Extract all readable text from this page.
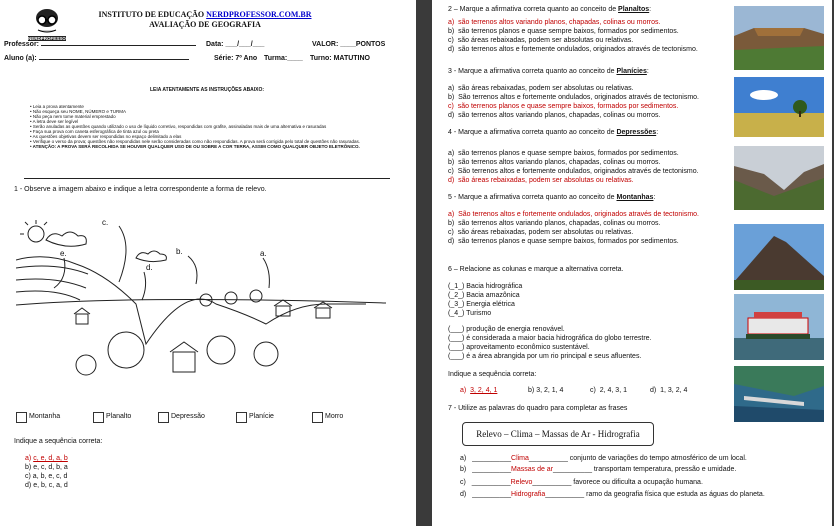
NERDPROFESSOR
INSTITUTO DE EDUCAÇÃO NERDPROFESSOR.COM.BR
AVALIAÇÃO DE GEOGRAFIA
Professor:	Data: ___/___/___	VALOR: ____PONTOS
Aluno (a):	Série: 7º Ano Turma:____ Turno: MATUTINO
LEIA ATENTAMENTE AS INSTRUÇÕES ABAIXO:
• Leia a prova atentamente
• Não esqueça seu NOME, NÚMERO e TURMA
• Não peça nem tome material emprestado
• A letra deve ser legível
• Serão anuladas as questões quando utilizado o uso de líquido corretivo, respondidas com grafite, assinaladas mais de uma alternativa e rasuradas
• Faça sua prova com caneta esferográfica de tinta azul ou preta
• As questões objetivas devem ser respondidas no espaço delimitado a elas
• Verifique o verso da prova; questões não respondidas nele serão consideradas como não respondidas. A prova será corrigida pelo total de questões não rasuradas.
• ATENÇÃO: A PROVA SERÁ RECOLHIDA SE HOUVER QUALQUER USO DE OU SOBRE A COR TERRA, ASSIM COMO QUALQUER OBJETO ELETRÔNICO.
1 - Observe a imagem abaixo e indique a letra correspondente a forma de relevo.
e.
c.
d.
b.	a.
Montanha	Planalto	Depressão	Planície	Morro
Indique a sequência correta:
a) c, e, d, a, b
b) e, c, d, b, a
c) a, b, e, c, d
d) e, b, c, a, d
2 – Marque a afirmativa correta quanto ao conceito de Planaltos:
a) são terrenos altos variando planos, chapadas, colinas ou morros.
b) são terrenos planos e quase sempre baixos, formados por sedimentos.
c) são áreas rebaixadas, podem ser absolutas ou relativas.
d) são terrenos altos e fortemente ondulados, originados através de tectonismo.
3 - Marque a afirmativa correta quanto ao conceito de Planícies:
a) são áreas rebaixadas, podem ser absolutas ou relativas.
b) São terrenos altos e fortemente ondulados, originados através de tectonismo.
c) são terrenos planos e quase sempre baixos, formados por sedimentos.
d) são terrenos altos variando planos, chapadas, colinas ou morros.
4 - Marque a afirmativa correta quanto ao conceito de Depressões:
a) são terrenos planos e quase sempre baixos, formados por sedimentos.
b) são terrenos altos variando planos, chapadas, colinas ou morros.
c) São terrenos altos e fortemente ondulados, originados através de tectonismo.
d) são áreas rebaixadas, podem ser absolutas ou relativas.
5 - Marque a afirmativa correta quanto ao conceito de Montanhas:
a) São terrenos altos e fortemente ondulados, originados através de tectonismo.
b) são terrenos altos variando planos, chapadas, colinas ou morros.
c) são áreas rebaixadas, podem ser absolutas ou relativas.
d) são terrenos planos e quase sempre baixos, formados por sedimentos.
6 – Relacione as colunas e marque a alternativa correta.
(_1_) Bacia hidrográfica
(_2_) Bacia amazônica
(_3_) Energia elétrica
(_4_) Turismo
(___) produção de energia renovável.
(___) é considerada a maior bacia hidrográfica do globo terrestre.
(___) aproveitamento econômico sustentável.
(___) é a área abrangida por um rio principal e seus afluentes.
Indique a sequência correta:
a) 3, 2, 4, 1	b) 3, 2, 1, 4	c) 2, 4, 3, 1	d) 1, 3, 2, 4
7 - Utilize as palavras do quadro para completar as frases
Relevo – Clima – Massas de Ar - Hidrografia
a) __________Clima__________ conjunto de variações do tempo atmosférico de um local.
b) __________Massas de ar__________ transportam temperatura, pressão e umidade.
c) __________Relevo__________ favorece ou dificulta a ocupação humana.
d) __________Hidrografia__________ ramo da geografia física que estuda as águas do planeta.
